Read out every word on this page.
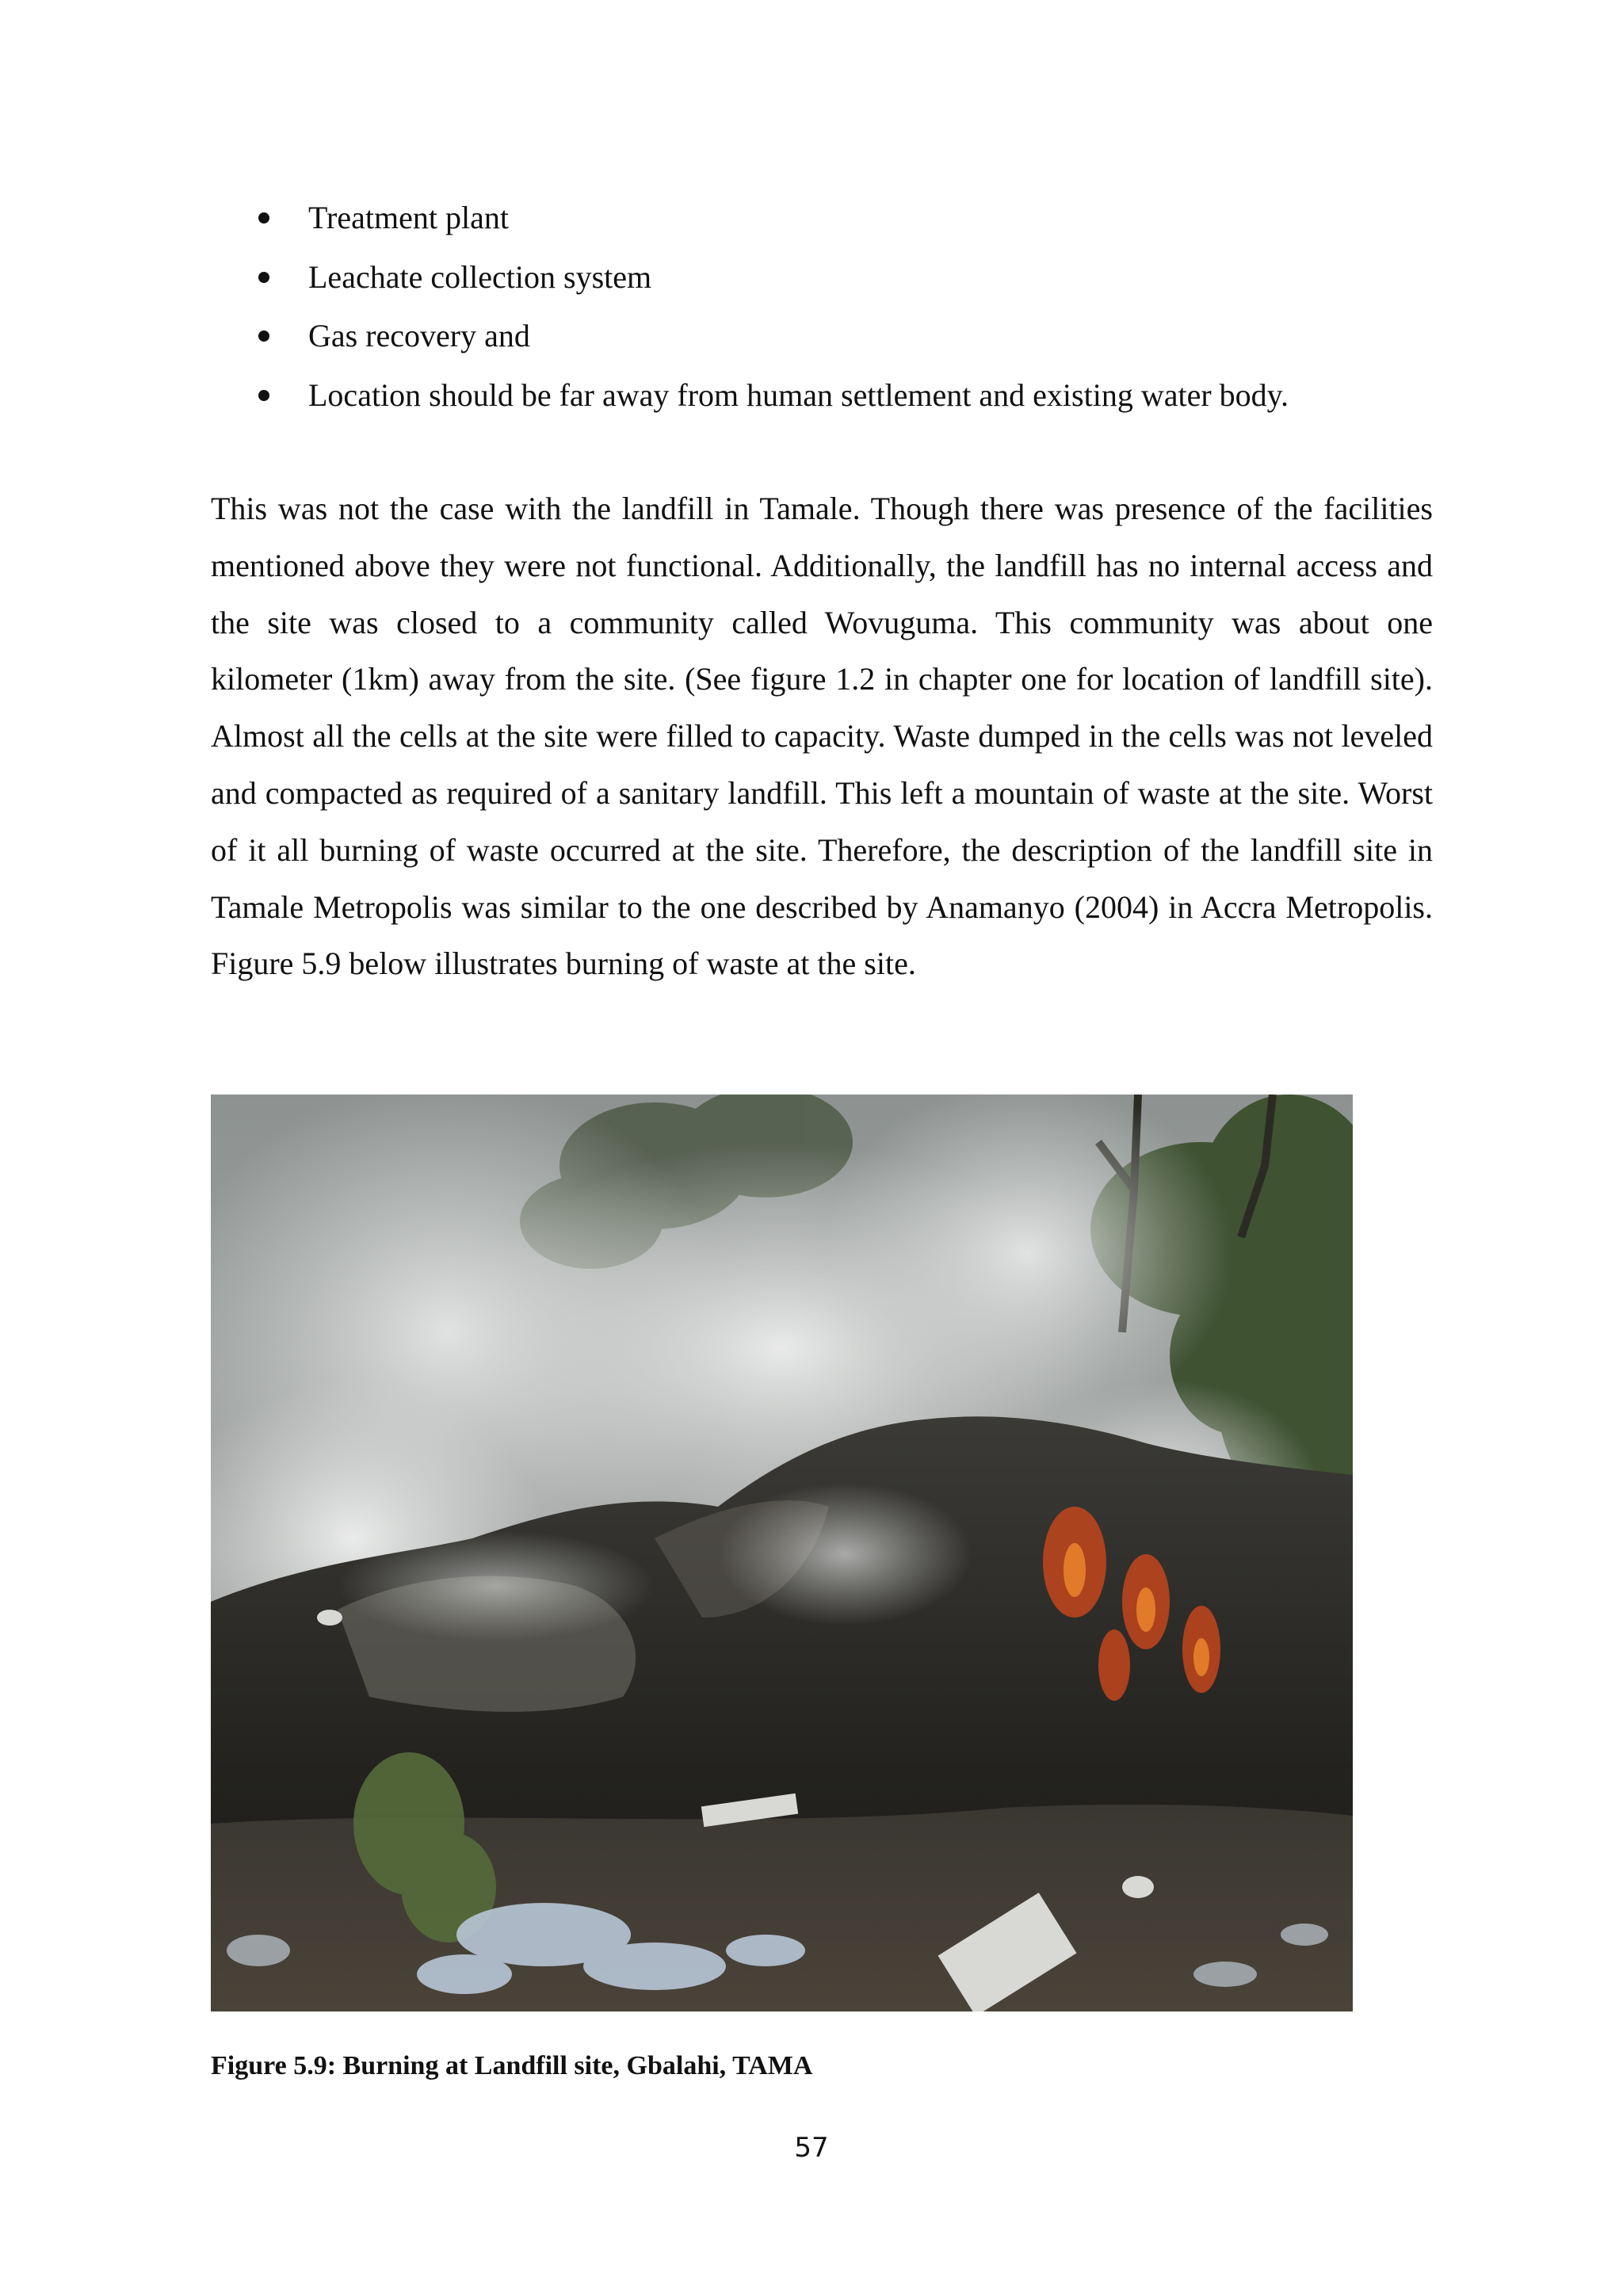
Treatment plant
Leachate collection system
Gas recovery and
Location should be far away from human settlement and existing water body.

This was not the case with the landfill in Tamale. Though there was presence of the facilities mentioned above they were not functional. Additionally, the landfill has no internal access and the site was closed to a community called Wovuguma. This community was about one kilometer (1km) away from the site. (See figure 1.2 in chapter one for location of landfill site). Almost all the cells at the site were filled to capacity. Waste dumped in the cells was not leveled and compacted as required of a sanitary landfill. This left a mountain of waste at the site. Worst of it all burning of waste occurred at the site. Therefore, the description of the landfill site in Tamale Metropolis was similar to the one described by Anamanyo (2004) in Accra Metropolis. Figure 5.9 below illustrates burning of waste at the site.

Figure 5.9: Burning at Landfill site, Gbalahi, TAMA
57
